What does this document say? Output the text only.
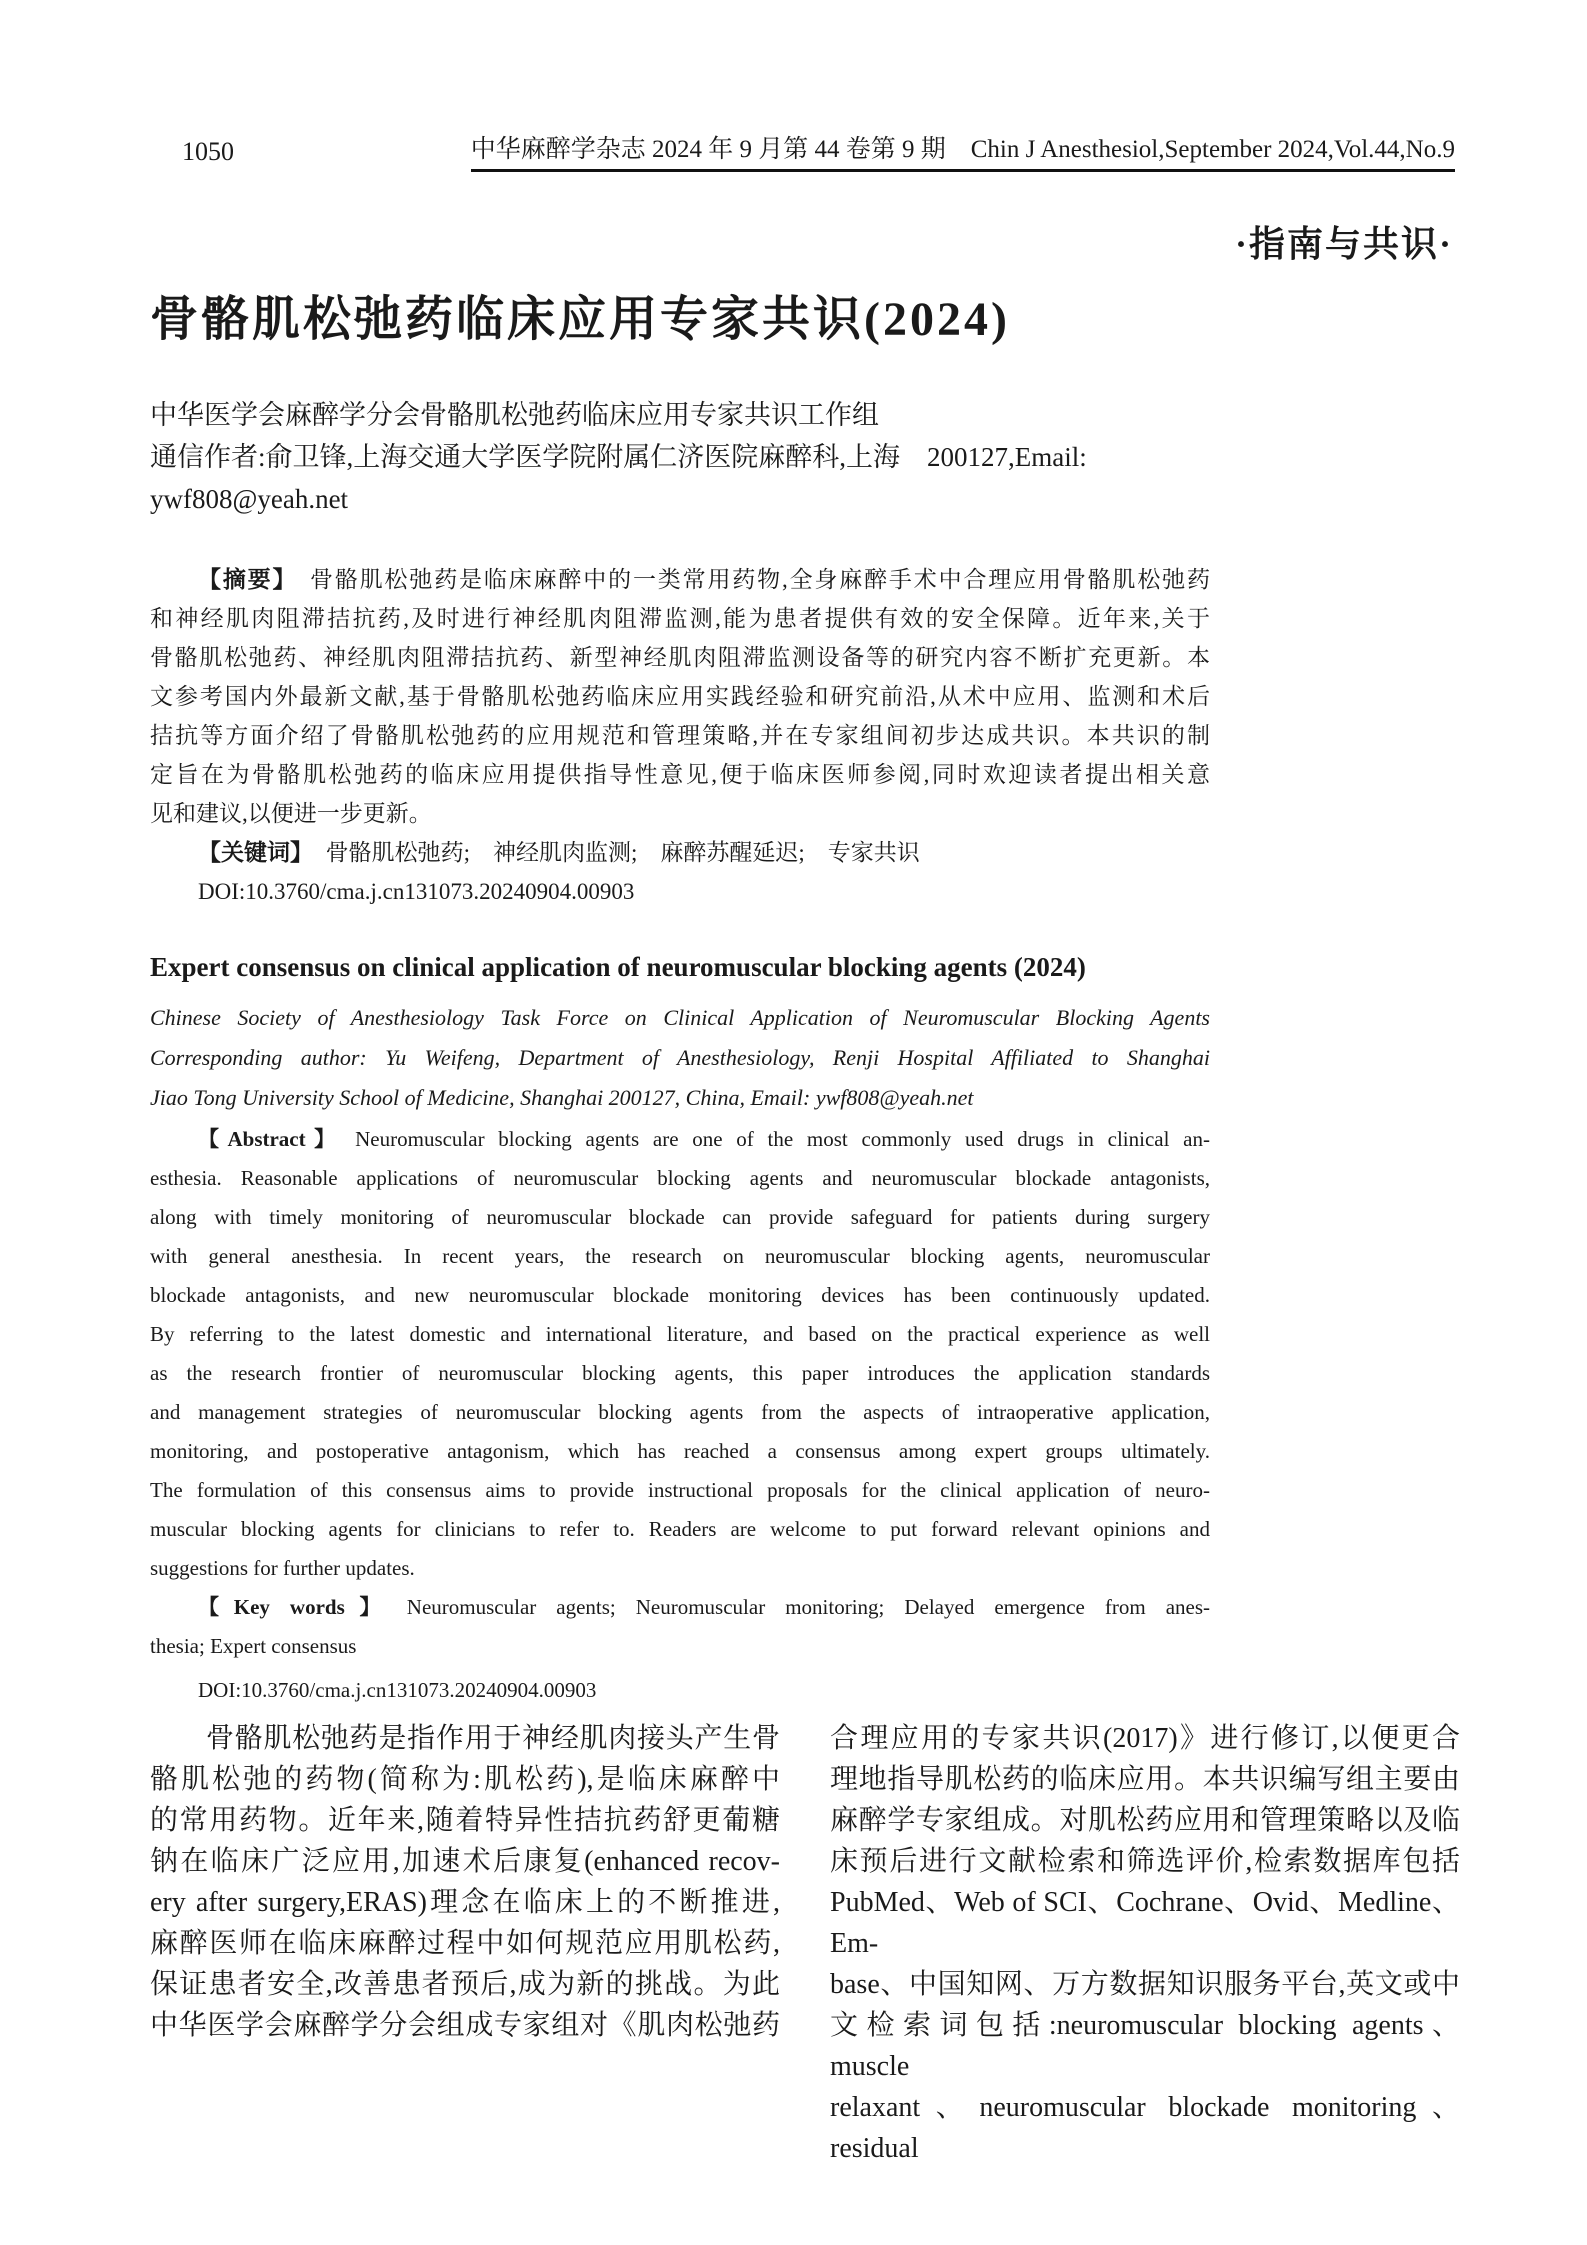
1050	中华麻醉学杂志 2024 年 9 月第 44 卷第 9 期　Chin J Anesthesiol,September 2024,Vol.44,No.9
·指南与共识·
骨骼肌松弛药临床应用专家共识(2024)
中华医学会麻醉学分会骨骼肌松弛药临床应用专家共识工作组
通信作者:俞卫锋,上海交通大学医学院附属仁济医院麻醉科,上海　200127,Email:
ywf808@yeah.net
【摘要】 骨骼肌松弛药是临床麻醉中的一类常用药物,全身麻醉手术中合理应用骨骼肌松弛药
和神经肌肉阻滞拮抗药,及时进行神经肌肉阻滞监测,能为患者提供有效的安全保障。近年来,关于
骨骼肌松弛药、神经肌肉阻滞拮抗药、新型神经肌肉阻滞监测设备等的研究内容不断扩充更新。本
文参考国内外最新文献,基于骨骼肌松弛药临床应用实践经验和研究前沿,从术中应用、监测和术后
拮抗等方面介绍了骨骼肌松弛药的应用规范和管理策略,并在专家组间初步达成共识。本共识的制
定旨在为骨骼肌松弛药的临床应用提供指导性意见,便于临床医师参阅,同时欢迎读者提出相关意
见和建议,以便进一步更新。
【关键词】 骨骼肌松弛药;　神经肌肉监测;　麻醉苏醒延迟;　专家共识
DOI:10.3760/cma.j.cn131073.20240904.00903
Expert consensus on clinical application of neuromuscular blocking agents (2024)
Chinese Society of Anesthesiology Task Force on Clinical Application of Neuromuscular Blocking Agents
Corresponding author: Yu Weifeng, Department of Anesthesiology, Renji Hospital Affiliated to Shanghai
Jiao Tong University School of Medicine, Shanghai 200127, China, Email: ywf808@yeah.net
【Abstract】 Neuromuscular blocking agents are one of the most commonly used drugs in clinical an-
esthesia. Reasonable applications of neuromuscular blocking agents and neuromuscular blockade antagonists,
along with timely monitoring of neuromuscular blockade can provide safeguard for patients during surgery
with general anesthesia. In recent years, the research on neuromuscular blocking agents, neuromuscular
blockade antagonists, and new neuromuscular blockade monitoring devices has been continuously updated.
By referring to the latest domestic and international literature, and based on the practical experience as well
as the research frontier of neuromuscular blocking agents, this paper introduces the application standards
and management strategies of neuromuscular blocking agents from the aspects of intraoperative application,
monitoring, and postoperative antagonism, which has reached a consensus among expert groups ultimately.
The formulation of this consensus aims to provide instructional proposals for the clinical application of neuro-
muscular blocking agents for clinicians to refer to. Readers are welcome to put forward relevant opinions and
suggestions for further updates.
【Key words】 Neuromuscular agents; Neuromuscular monitoring; Delayed emergence from anes-
thesia; Expert consensus
DOI:10.3760/cma.j.cn131073.20240904.00903
骨骼肌松弛药是指作用于神经肌肉接头产生骨
骼肌松弛的药物(简称为:肌松药),是临床麻醉中
的常用药物。近年来,随着特异性拮抗药舒更葡糖
钠在临床广泛应用,加速术后康复(enhanced recov-
ery after surgery,ERAS)理念在临床上的不断推进,
麻醉医师在临床麻醉过程中如何规范应用肌松药,
保证患者安全,改善患者预后,成为新的挑战。为此
中华医学会麻醉学分会组成专家组对《肌肉松弛药
合理应用的专家共识(2017)》进行修订,以便更合
理地指导肌松药的临床应用。本共识编写组主要由
麻醉学专家组成。对肌松药应用和管理策略以及临
床预后进行文献检索和筛选评价,检索数据库包括
PubMed、Web of SCI、Cochrane、Ovid、Medline、Em-
base、中国知网、万方数据知识服务平台,英文或中
文检索词包括:neuromuscular blocking agents、muscle
relaxant、neuromuscular blockade monitoring、residual
